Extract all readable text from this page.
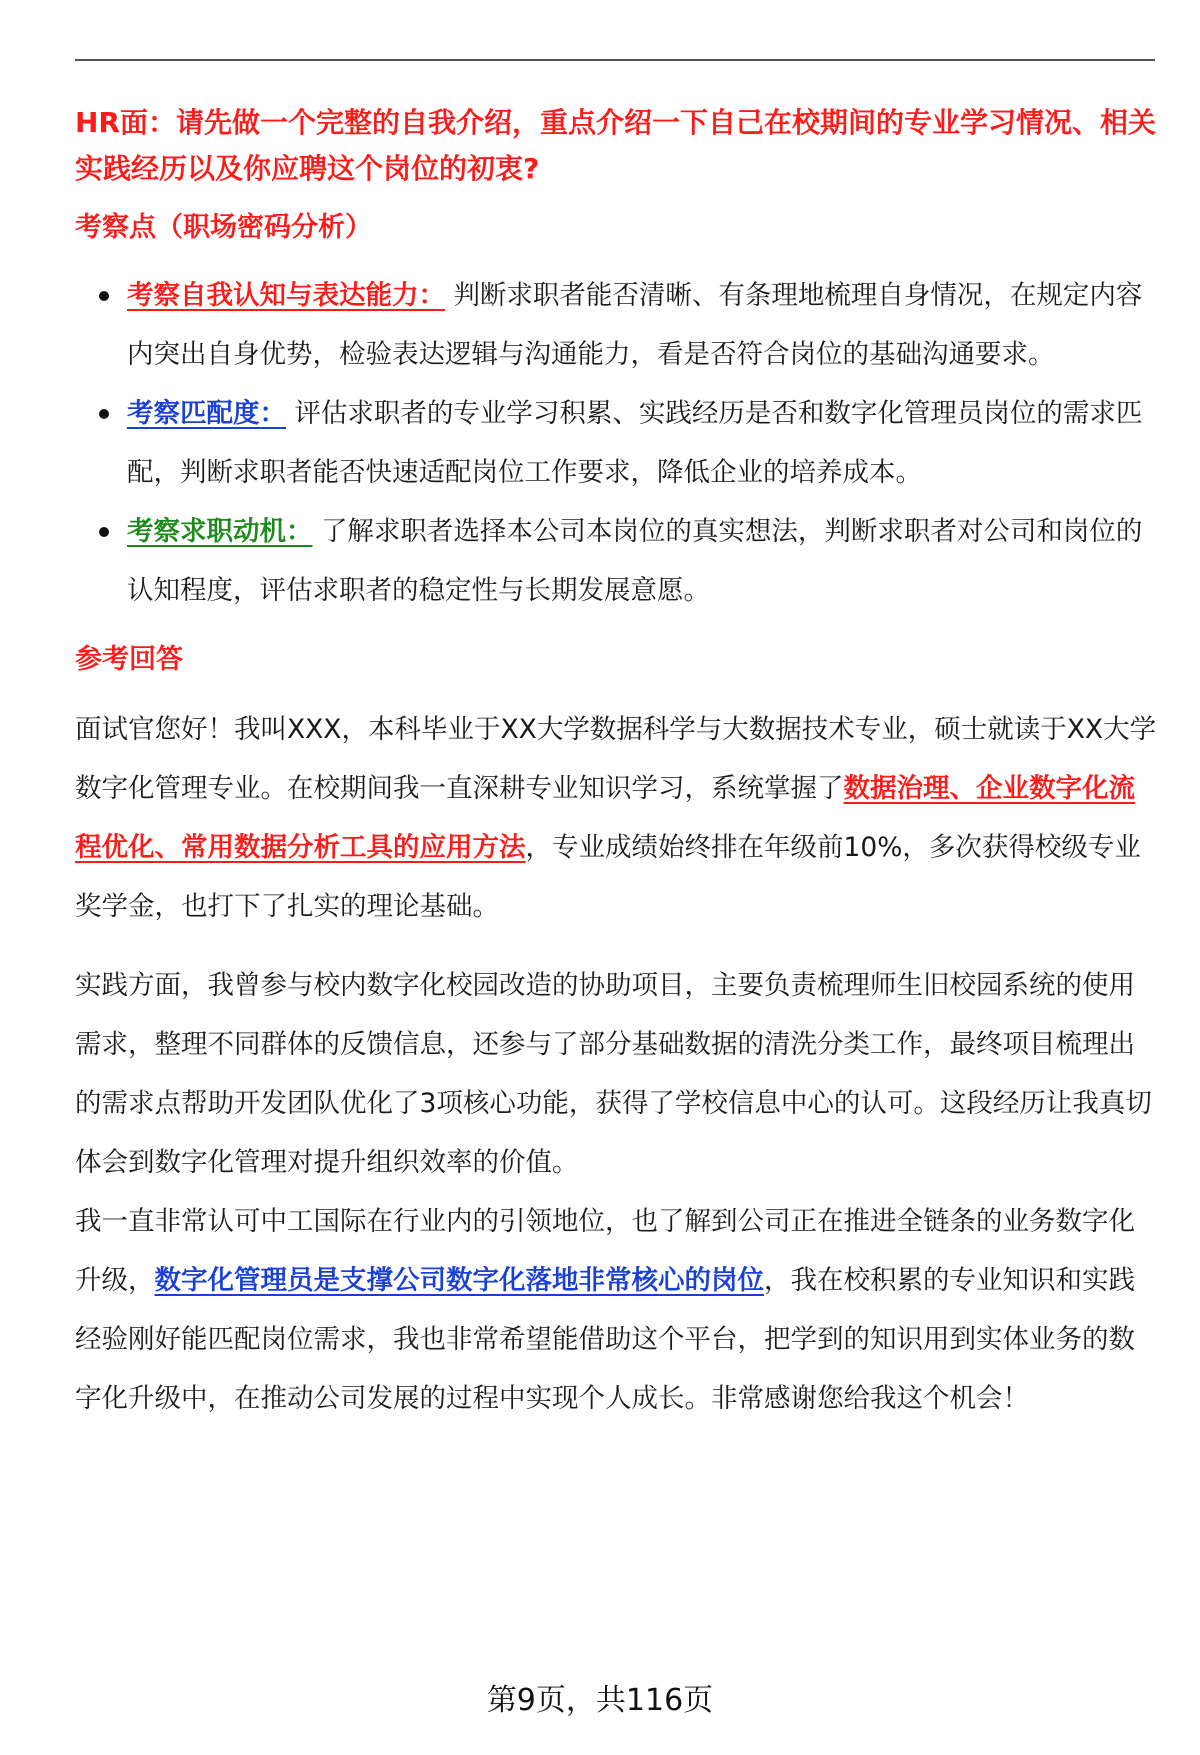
HR面：请先做一个完整的自我介绍，重点介绍一下自己在校期间的专业学习情况、相关实践经历以及你应聘这个岗位的初衷?

考察点（职场密码分析）

考察自我认知与表达能力： 判断求职者能否清晰、有条理地梳理自身情况，在规定内容内突出自身优势，检验表达逻辑与沟通能力，看是否符合岗位的基础沟通要求。
考察匹配度： 评估求职者的专业学习积累、实践经历是否和数字化管理员岗位的需求匹配，判断求职者能否快速适配岗位工作要求，降低企业的培养成本。
考察求职动机： 了解求职者选择本公司本岗位的真实想法，判断求职者对公司和岗位的认知程度，评估求职者的稳定性与长期发展意愿。

参考回答

面试官您好！我叫XXX，本科毕业于XX大学数据科学与大数据技术专业，硕士就读于XX大学数字化管理专业。在校期间我一直深耕专业知识学习，系统掌握了数据治理、企业数字化流程优化、常用数据分析工具的应用方法，专业成绩始终排在年级前10%，多次获得校级专业奖学金，也打下了扎实的理论基础。

实践方面，我曾参与校内数字化校园改造的协助项目，主要负责梳理师生旧校园系统的使用需求，整理不同群体的反馈信息，还参与了部分基础数据的清洗分类工作，最终项目梳理出的需求点帮助开发团队优化了3项核心功能，获得了学校信息中心的认可。这段经历让我真切体会到数字化管理对提升组织效率的价值。

我一直非常认可中工国际在行业内的引领地位，也了解到公司正在推进全链条的业务数字化升级，数字化管理员是支撑公司数字化落地非常核心的岗位，我在校积累的专业知识和实践经验刚好能匹配岗位需求，我也非常希望能借助这个平台，把学到的知识用到实体业务的数字化升级中，在推动公司发展的过程中实现个人成长。非常感谢您给我这个机会！

第9页，共116页
